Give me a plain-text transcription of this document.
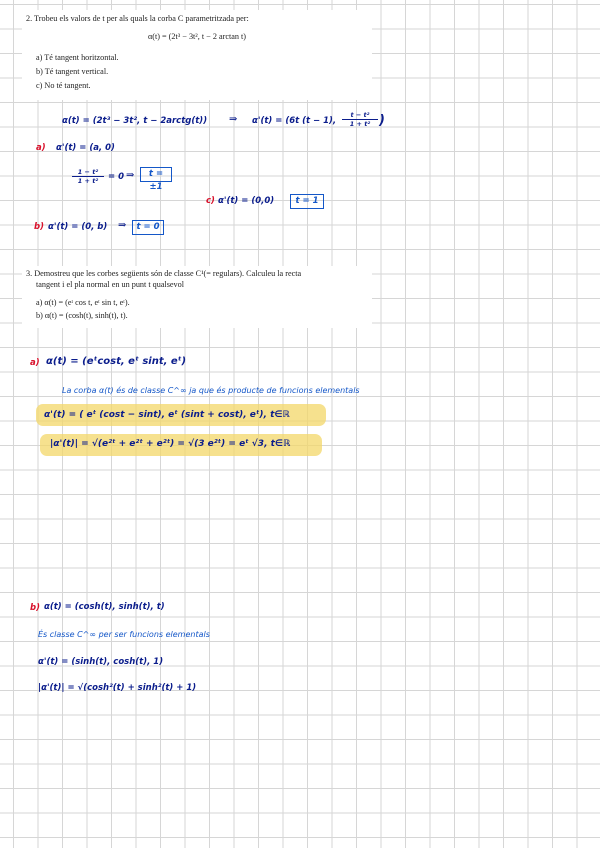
2. Trobeu els valors de t per als quals la corba C parametritzada per:
α(t) = (2t³ − 3t², t − 2 arctan t)
a) Té tangent horitzontal.
b) Té tangent vertical.
c) No té tangent.
α(t) = (2t³ − 3t², t − 2arctg(t)) ⇒ α'(t) = (6t (t − 1), $\frac{\text{t − t²}}{\text{1 + t²}}$ )
a) α'(t) = (a, 0)
$\frac{\text{1 − t²}}{\text{1 + t²}} = 0$ ⇒	t = ±1
c) α'(t) = (0,0)	t = 1
b) α'(t) = (0, b) ⇒	t = 0
3. Demostreu que les corbes següents són de classe C¹(= regulars). Calculeu la recta
tangent i el pla normal en un punt t qualsevol
a) α(t) = (eᵗ cos t, eᵗ sin t, eᵗ).
b) α(t) = (cosh(t), sinh(t), t).
a) α(t) = (eᵗcost, eᵗ sint, eᵗ)
La corba α(t) és de classe C^∞ ja que és producte de funcions elementals
α'(t) = ( eᵗ (cost − sint), eᵗ (sint + cost), eᵗ), t∈ℝ
|α'(t)| = √(e²ᵗ + e²ᵗ + e²ᵗ) = √(3 e²ᵗ) = eᵗ √3, t∈ℝ
b) α(t) = (cosh(t), sinh(t), t)
És classe C^∞ per ser funcions elementals
α'(t) = (sinh(t), cosh(t), 1)
|α'(t)| = √(cosh²(t) + sinh²(t) + 1)
